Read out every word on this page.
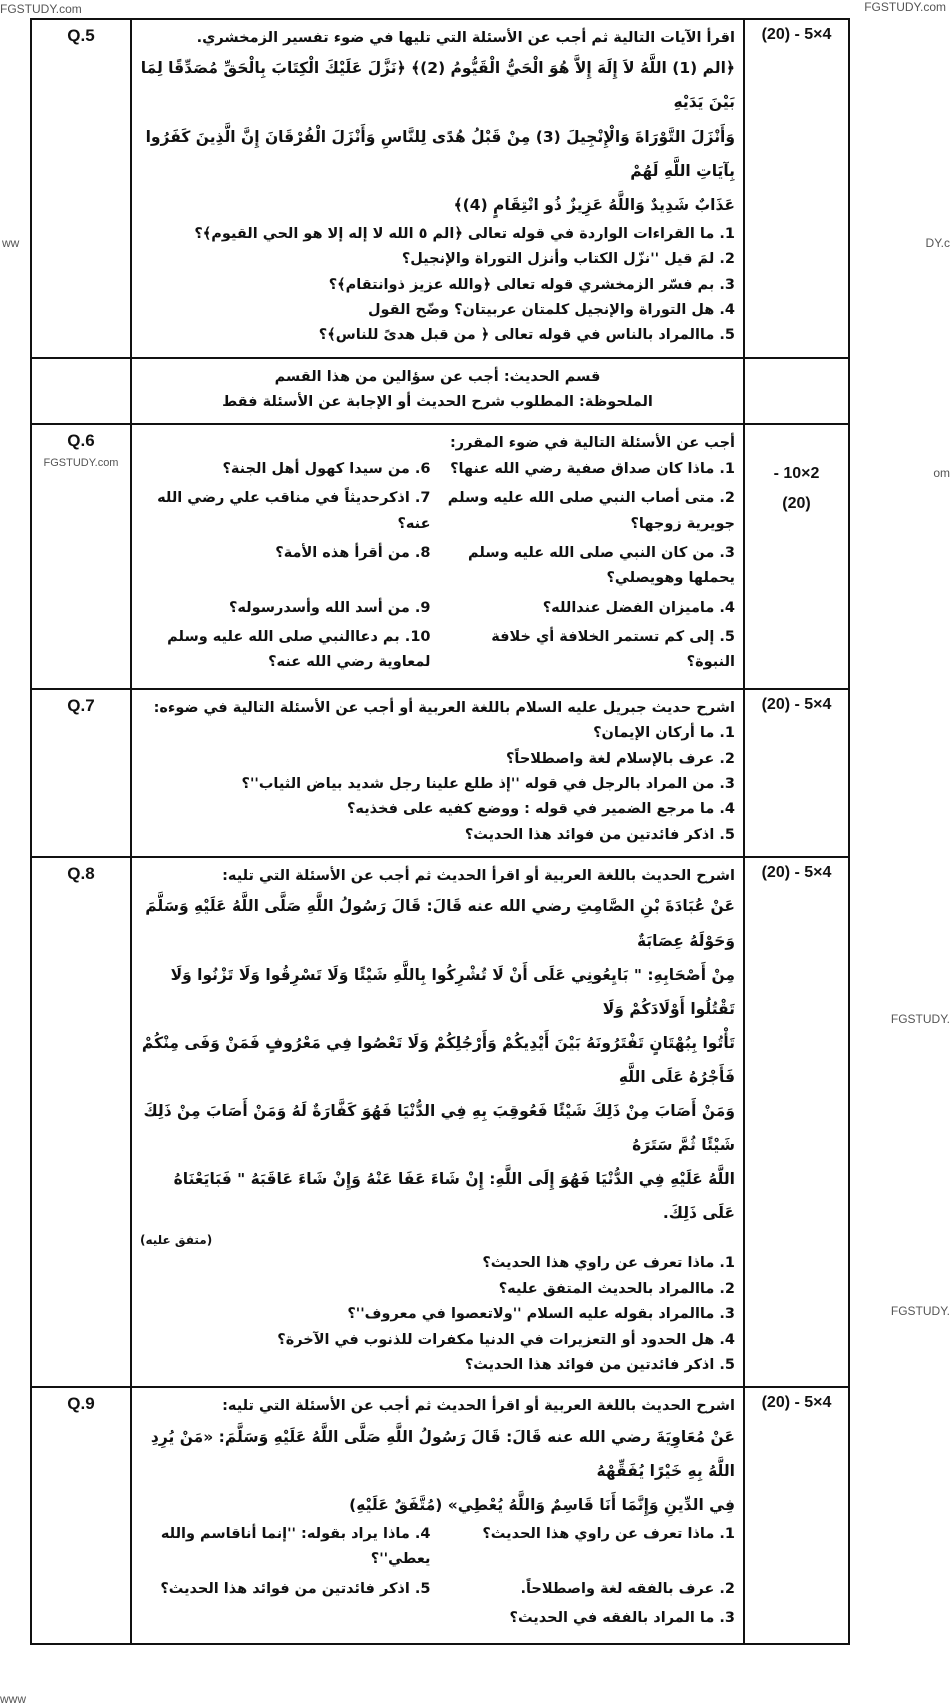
FGSTUDY.com	FGSTUDY.com
DY.c
ww
om
FGSTUDY.
FGSTUDY.
www
Q.5	اقرأ الآيات التالية ثم أجب عن الأسئلة التي تليها في ضوء تفسير الزمخشري.
﴿الم (1) اللَّهُ لاَ إِلَهَ إِلاَّ هُوَ الْحَيُّ الْقَيُّومُ (2)﴾ ﴿نَزَّلَ عَلَيْكَ الْكِتَابَ بِالْحَقِّ مُصَدِّقًا لِمَا بَيْنَ يَدَيْهِ
وَأَنْزَلَ التَّوْرَاةَ وَالْإِنْجِيلَ (3) مِنْ قَبْلُ هُدًى لِلنَّاسِ وَأَنْزَلَ الْفُرْقَانَ إِنَّ الَّذِينَ كَفَرُوا بِآيَاتِ اللَّهِ لَهُمْ
عَذَابٌ شَدِيدٌ وَاللَّهُ عَزِيزٌ ذُو انْتِقَامٍ (4)﴾
1. ما القراءات الواردة في قوله تعالى ﴿الم ٥ الله لا إله إلا هو الحي القيوم﴾؟
2. لمَ قيل ''نزّل الكتاب وأنزل التوراة والإنجيل؟
3. بم فسّر الزمخشري قوله تعالى ﴿والله عزيز ذوانتقام﴾؟
4. هل التوراة والإنجيل كلمتان عربيتان؟ وضّح القول
5. ماالمراد بالناس في قوله تعالى ﴿ من قبل هدىً للناس﴾؟
(20) - 5×4
قسم الحديث: أجب عن سؤالين من هذا القسم
الملحوظة: المطلوب شرح الحديث أو الإجابة عن الأسئلة فقط
Q.6
FGSTUDY.com
أجب عن الأسئلة التالية في ضوء المقرر:
1. ماذا كان صداق صفية رضي الله عنها؟
6. من سيدا كهول أهل الجنة؟
2. متى أصاب النبي صلى الله عليه وسلم جويرية زوجها؟
7. اذكرحديثاً في مناقب علي رضي الله عنه؟
3. من كان النبي صلى الله عليه وسلم يحملها وهويصلي؟
8. من أقرأ هذه الأمة؟
4. ماميزان الفضل عندالله؟
9. من أسد الله وأسدرسوله؟
5. إلى كم تستمر الخلافة أي خلافة النبوة؟
10. بم دعاالنبي صلى الله عليه وسلم لمعاوية رضي الله عنه؟
- 10×2
(20)
Q.7	اشرح حديث جبريل عليه السلام باللغة العربية أو أجب عن الأسئلة التالية في ضوءه:
1. ما أركان الإيمان؟
2. عرف بالإسلام لغة واصطلاحاً؟
3. من المراد بالرجل في قوله ''إذ طلع علينا رجل شديد بياض الثياب''؟
4. ما مرجع الضمير في قوله : ووضع كفيه على فخذيه؟
5. اذكر فائدتين من فوائد هذا الحديث؟
(20) - 5×4
Q.8	اشرح الحديث باللغة العربية أو اقرأ الحديث ثم أجب عن الأسئلة التي تليه:
عَنْ عُبَادَةَ بْنِ الصَّامِتِ رضي الله عنه قَالَ: قَالَ رَسُولُ اللَّهِ صَلَّى اللَّهُ عَلَيْهِ وَسَلَّمَ وَحَوْلَهُ عِصَابَةٌ
مِنْ أَصْحَابِهِ: " بَايِعُونِي عَلَى أَنْ لَا تُشْرِكُوا بِاللَّهِ شَيْئًا وَلَا تَسْرِقُوا وَلَا تَزْنُوا وَلَا تَقْتُلُوا أَوْلَادَكُمْ وَلَا
تَأْتُوا بِبُهْتَانٍ تَفْتَرُونَهُ بَيْنَ أَيْدِيكُمْ وَأَرْجُلِكُمْ وَلَا تَعْصُوا فِي مَعْرُوفٍ فَمَنْ وَفَى مِنْكُمْ فَأَجْرُهُ عَلَى اللَّهِ
وَمَنْ أَصَابَ مِنْ ذَلِكَ شَيْئًا فَعُوقِبَ بِهِ فِي الدُّنْيَا فَهُوَ كَفَّارَةٌ لَهُ وَمَنْ أَصَابَ مِنْ ذَلِكَ شَيْئًا ثُمَّ سَتَرَهُ
اللَّهُ عَلَيْهِ فِي الدُّنْيَا فَهُوَ إِلَى اللَّهِ: إِنْ شَاءَ عَفَا عَنْهُ وَإِنْ شَاءَ عَاقَبَهُ " فَبَايَعْنَاهُ عَلَى ذَلِكَ.
(متفق عليه)
1. ماذا تعرف عن راوي هذا الحديث؟
2. ماالمراد بالحديث المتفق عليه؟
3. ماالمراد بقوله عليه السلام ''ولاتعصوا في معروف''؟
4. هل الحدود أو التعزيرات في الدنيا مكفرات للذنوب في الآخرة؟
5. اذكر فائدتين من فوائد هذا الحديث؟
(20) - 5×4
Q.9	اشرح الحديث باللغة العربية أو اقرأ الحديث ثم أجب عن الأسئلة التي تليه:
عَنْ مُعَاوِيَةَ رضي الله عنه قَالَ: قَالَ رَسُولُ اللَّهِ صَلَّى اللَّهُ عَلَيْهِ وَسَلَّمَ: «مَنْ يُرِدِ اللَّهُ بِهِ خَيْرًا يُفَقِّهْهُ
فِي الدِّينِ وَإِنَّمَا أَنَا قَاسِمٌ وَاللَّهُ يُعْطِي» (مُتَّفَقٌ عَلَيْهِ)
1. ماذا تعرف عن راوي هذا الحديث؟
4. ماذا يراد بقوله: ''إنما أناقاسم والله يعطي''؟
2. عرف بالفقه لغة واصطلاحاً.
5. اذكر فائدتين من فوائد هذا الحديث؟
3. ما المراد بالفقه في الحديث؟
(20) - 5×4
